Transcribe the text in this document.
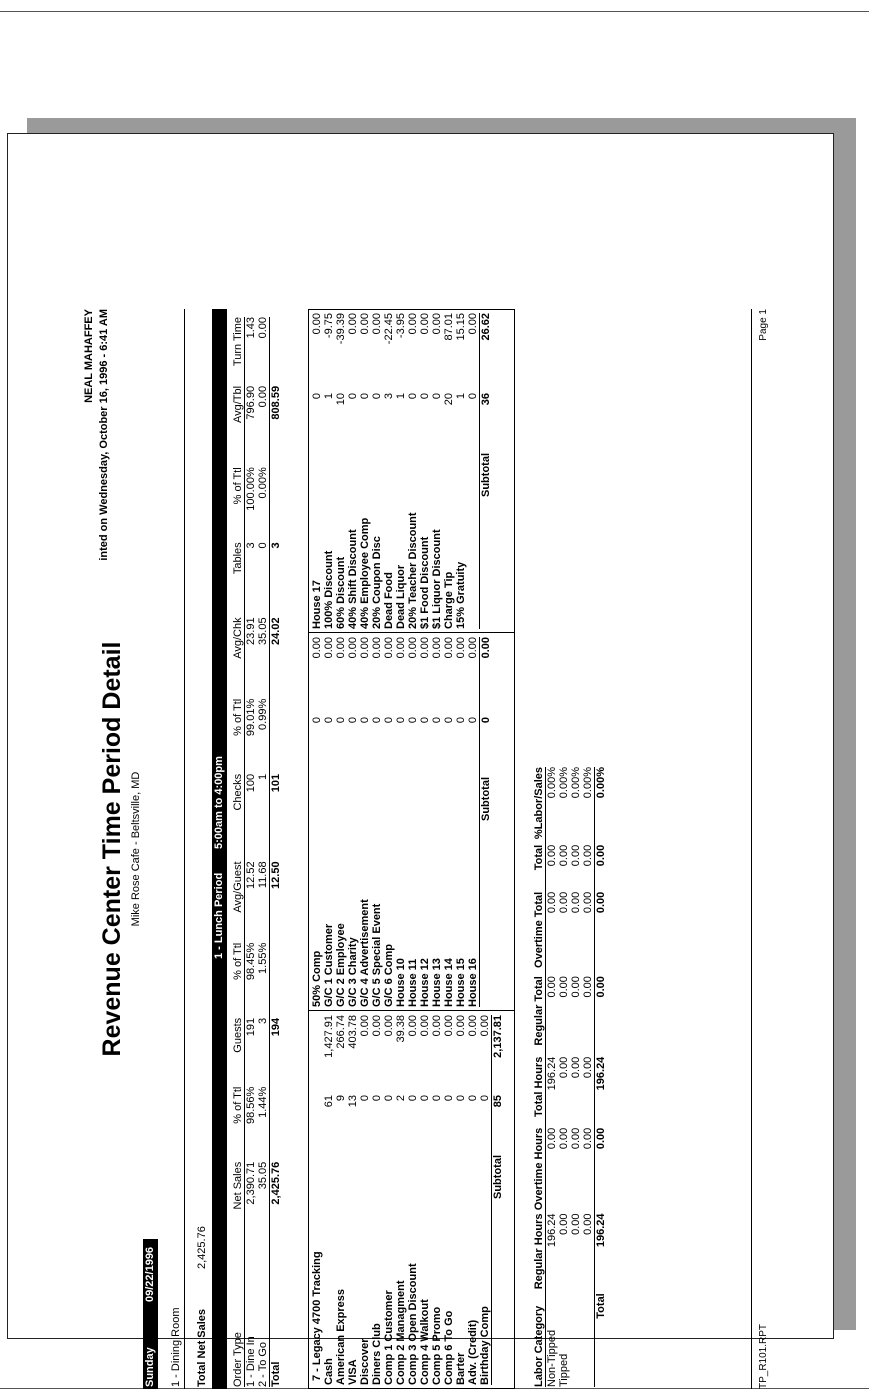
Revenue Center Time Period Detail Mike Rose Cafe - Beltsville, MD
NEAL MAHAFFEY inted on Wednesday, October 16, 1996 - 6:41 AM
Sunday
09/22/1996
1 - Dining Room Total Net Sales
2,425.76
1 - Lunch Period
5:00am to 4:00pm
Order Type	Net Sales	% of Ttl	Guests	% of Ttl	Avg/Guest	Checks	% of Ttl	Avg/Chk	Tables	% of Ttl	Avg/Tbl	Turn Time
1 - Dine In	2,390.71	98.56%	191	98.45%	12.52	100	99.01%	23.91	3	100.00%	796.90	1.43
2 - To Go	35.05	1.44%	3	1.55%	11.68	1	0.99%	35.05	0	0.00%	0.00	0.00
Total	2,425.76		194		12.50	101		24.02	3		808.59	
7 - Legacy 4700 Tracking Cash	61	1,427.91
American Express	9	266.74
VISA	13	403.78
Discover	0	0.00
Diners Club	0	0.00
Comp 1 Customer	0	0.00
Comp 2 Managment	2	39.38
Comp 3 Open Discount	0	0.00
Comp 4 Walkout	0	0.00
Comp 5 Promo	0	0.00
Comp 6 To Go	0	0.00
Barter	0	0.00
Adv. (Credit)	0	0.00
Birthday Comp	0	0.00
Subtotal	85	2,137.81
50% Comp	0	0.00
G/C 1 Customer	0	0.00
G/C 2 Employee	0	0.00
G/C 3 Charity	0	0.00
G/C 4 Advertisement	0	0.00
G/C 5 Special Event	0	0.00
G/C 6 Comp	0	0.00
House 10	0	0.00
House 11	0	0.00
House 12	0	0.00
House 13	0	0.00
House 14	0	0.00
House 15	0	0.00
House 16	0	0.00
Subtotal	0	0.00
House 17	0	0.00
100% Discount	1	-9.75
60% Discount	10	-39.39
40% Shift Discount	0	0.00
40% Employee Comp	0	0.00
20% Coupon Disc	0	0.00
Dead Food	3	-22.45
Dead Liquor	1	-3.95
20% Teacher Discount	0	0.00
$1 Food Discount	0	0.00
$1 Liquor Discount	0	0.00
Charge Tip	20	87.01
15% Gratuity	1	15.15
	0	0.00
Subtotal	36	26.62
Labor Category	Regular Hours	Overtime Hours	Total Hours	Regular Total	Overtime Total	Total	%Labor/Sales
Non-Tipped	196.24	0.00	196.24	0.00	0.00	0.00	0.00%
Tipped	0.00	0.00	0.00	0.00	0.00	0.00	0.00%
	0.00	0.00	0.00	0.00	0.00	0.00	0.00%
	0.00	0.00	0.00	0.00	0.00	0.00	0.00%
Total	196.24	0.00	196.24	0.00	0.00	0.00	0.00%
TP_R101.RPT
Page 1
